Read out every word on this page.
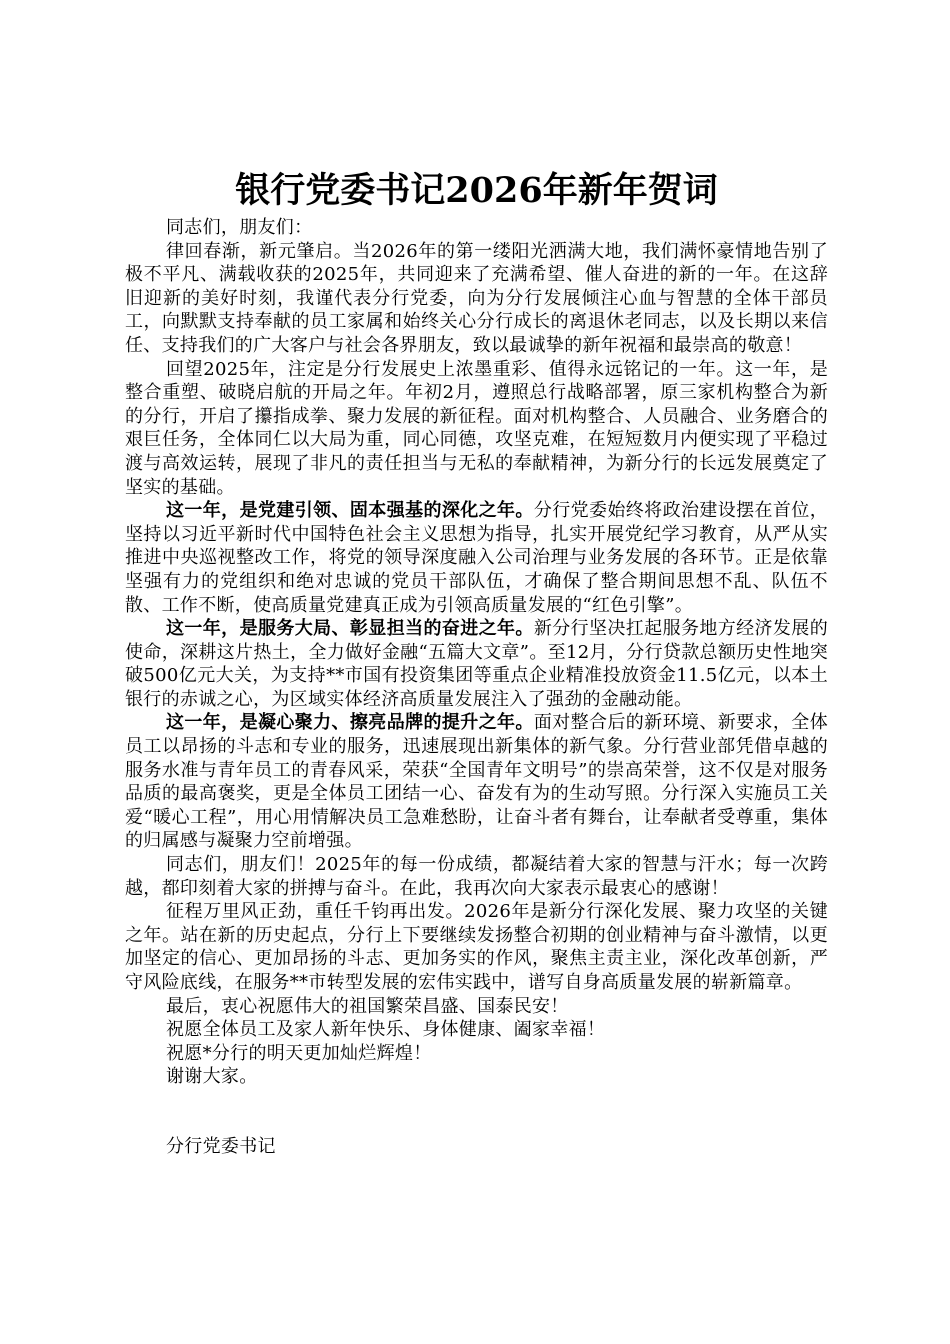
银行党委书记2026年新年贺词

同志们，朋友们：

律回春渐，新元肇启。当2026年的第一缕阳光洒满大地，我们满怀豪情地告别了极不平凡、满载收获的2025年，共同迎来了充满希望、催人奋进的新的一年。在这辞旧迎新的美好时刻，我谨代表分行党委，向为分行发展倾注心血与智慧的全体干部员工，向默默支持奉献的员工家属和始终关心分行成长的离退休老同志，以及长期以来信任、支持我们的广大客户与社会各界朋友，致以最诚挚的新年祝福和最崇高的敬意！

回望2025年，注定是分行发展史上浓墨重彩、值得永远铭记的一年。这一年，是整合重塑、破晓启航的开局之年。年初2月，遵照总行战略部署，原三家机构整合为新的分行，开启了攥指成拳、聚力发展的新征程。面对机构整合、人员融合、业务磨合的艰巨任务，全体同仁以大局为重，同心同德，攻坚克难，在短短数月内便实现了平稳过渡与高效运转，展现了非凡的责任担当与无私的奉献精神，为新分行的长远发展奠定了坚实的基础。

这一年，是党建引领、固本强基的深化之年。分行党委始终将政治建设摆在首位，坚持以习近平新时代中国特色社会主义思想为指导，扎实开展党纪学习教育，从严从实推进中央巡视整改工作，将党的领导深度融入公司治理与业务发展的各环节。正是依靠坚强有力的党组织和绝对忠诚的党员干部队伍，才确保了整合期间思想不乱、队伍不散、工作不断，使高质量党建真正成为引领高质量发展的“红色引擎”。

这一年，是服务大局、彰显担当的奋进之年。新分行坚决扛起服务地方经济发展的使命，深耕这片热土，全力做好金融“五篇大文章”。至12月，分行贷款总额历史性地突破500亿元大关，为支持**市国有投资集团等重点企业精准投放资金11.5亿元，以本土银行的赤诚之心，为区域实体经济高质量发展注入了强劲的金融动能。

这一年，是凝心聚力、擦亮品牌的提升之年。面对整合后的新环境、新要求，全体员工以昂扬的斗志和专业的服务，迅速展现出新集体的新气象。分行营业部凭借卓越的服务水准与青年员工的青春风采，荣获“全国青年文明号”的崇高荣誉，这不仅是对服务品质的最高褒奖，更是全体员工团结一心、奋发有为的生动写照。分行深入实施员工关爱“暖心工程”，用心用情解决员工急难愁盼，让奋斗者有舞台，让奉献者受尊重，集体的归属感与凝聚力空前增强。

同志们，朋友们！2025年的每一份成绩，都凝结着大家的智慧与汗水；每一次跨越，都印刻着大家的拼搏与奋斗。在此，我再次向大家表示最衷心的感谢！

征程万里风正劲，重任千钧再出发。2026年是新分行深化发展、聚力攻坚的关键之年。站在新的历史起点，分行上下要继续发扬整合初期的创业精神与奋斗激情，以更加坚定的信心、更加昂扬的斗志、更加务实的作风，聚焦主责主业，深化改革创新，严守风险底线，在服务**市转型发展的宏伟实践中，谱写自身高质量发展的崭新篇章。

最后，衷心祝愿伟大的祖国繁荣昌盛、国泰民安！

祝愿全体员工及家人新年快乐、身体健康、阖家幸福！

祝愿*分行的明天更加灿烂辉煌！

谢谢大家。

分行党委书记
